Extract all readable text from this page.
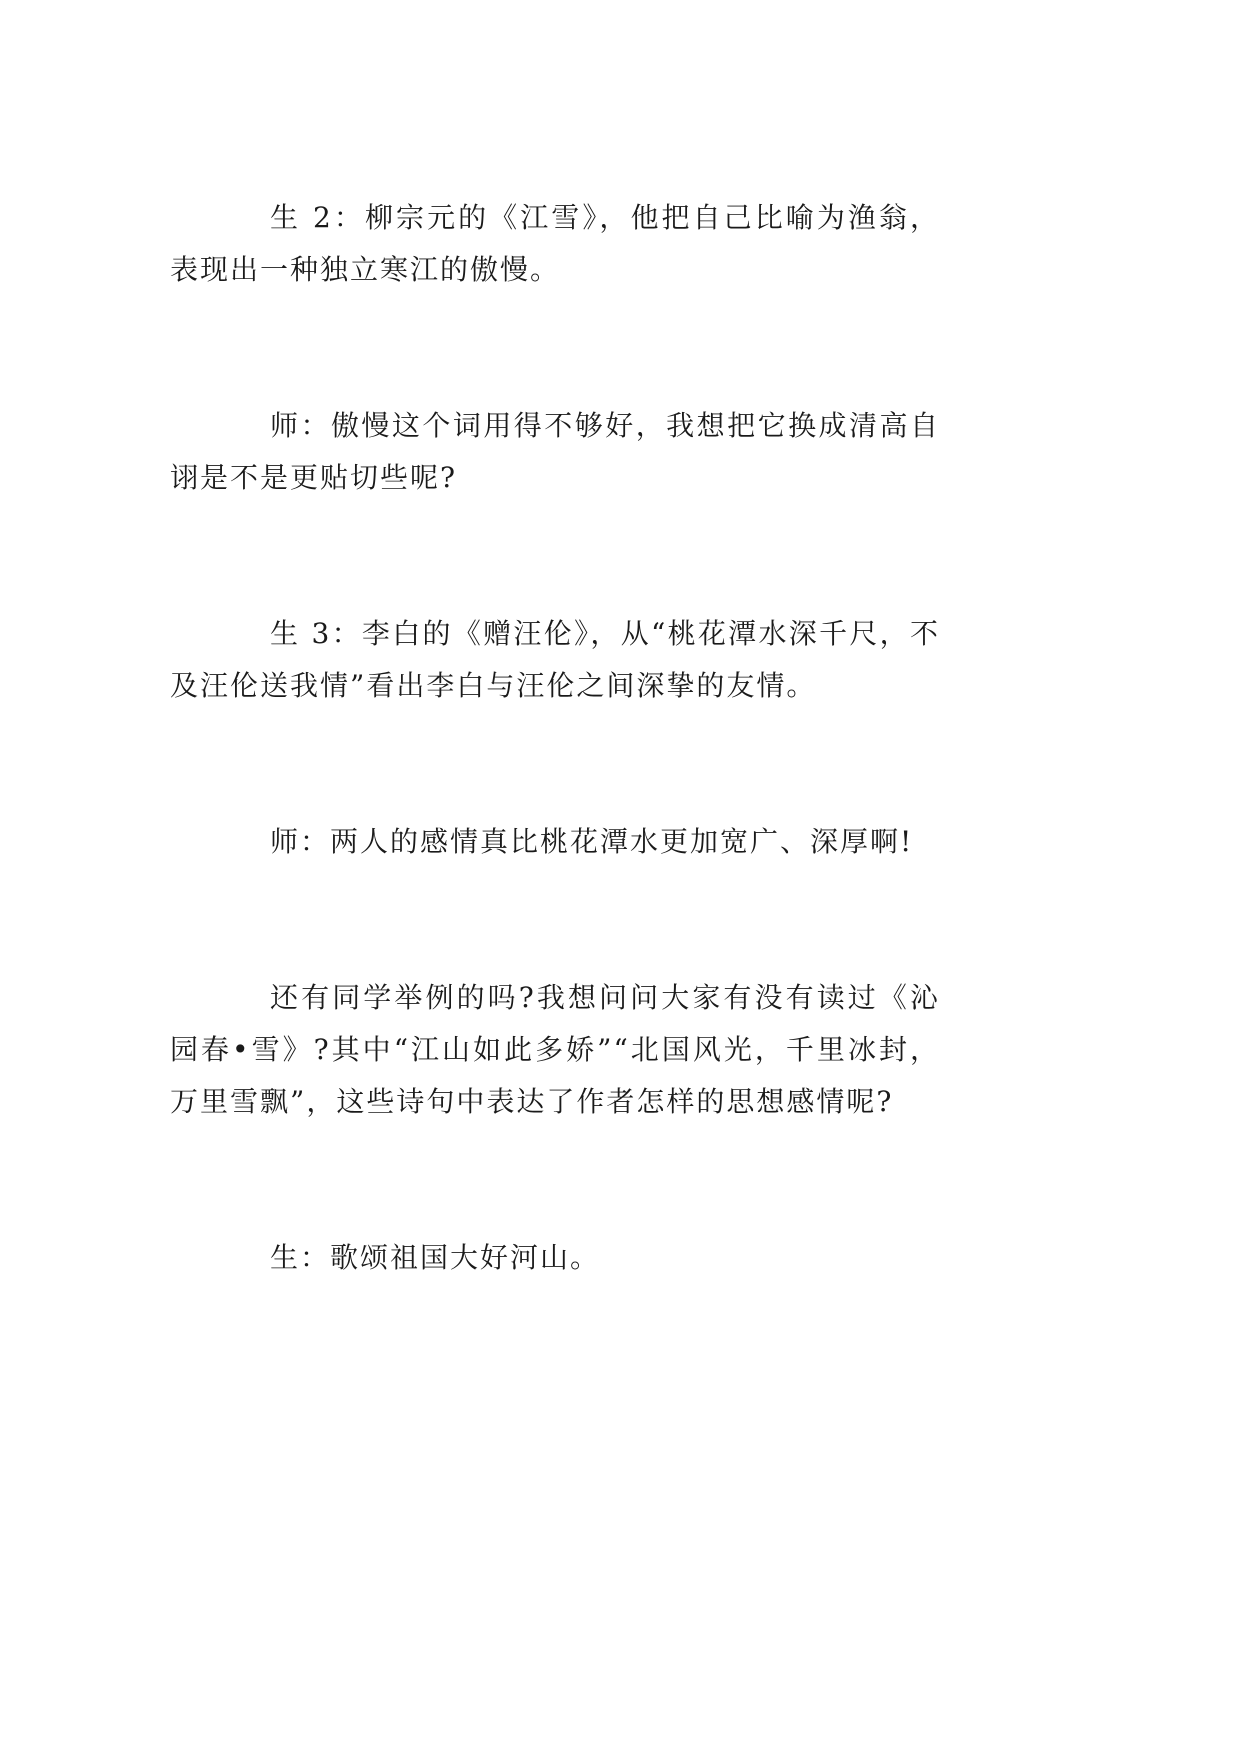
生 2：柳宗元的《江雪》，他把自己比喻为渔翁，表现出一种独立寒江的傲慢。

师：傲慢这个词用得不够好，我想把它换成清高自诩是不是更贴切些呢?

生 3：李白的《赠汪伦》，从“桃花潭水深千尺，不及汪伦送我情”看出李白与汪伦之间深挚的友情。

师：两人的感情真比桃花潭水更加宽广、深厚啊!

还有同学举例的吗?我想问问大家有没有读过《沁园春•雪》?其中“江山如此多娇”“北国风光，千里冰封，万里雪飘”，这些诗句中表达了作者怎样的思想感情呢?

生：歌颂祖国大好河山。
